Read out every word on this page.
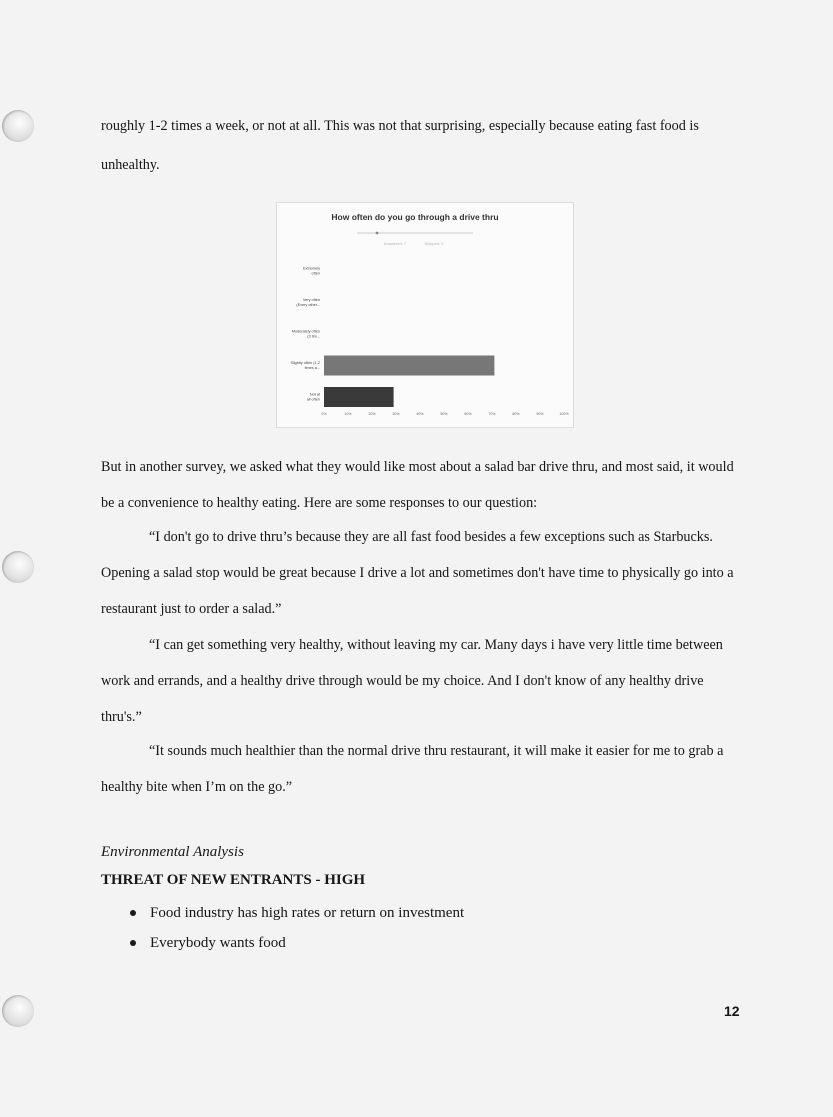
roughly 1-2 times a week, or not at all. This was not that surprising, especially because eating fast food is

unhealthy.

How often do you go through a drive thru
Answered: 7	Skipped: 0
Extremely often
Very often (Every other...
Moderately often (3 tim...
Slightly often (1-2 times a...
Not at all often
0%	10%	20%	30%	40%	50%	60%	70%	80%	90%	100%

But in another survey, we asked what they would like most about a salad bar drive thru, and most said, it would be a convenience to healthy eating. Here are some responses to our question:

“I don't go to drive thru’s because they are all fast food besides a few exceptions such as Starbucks. Opening a salad stop would be great because I drive a lot and sometimes don't have time to physically go into a restaurant just to order a salad.”

“I can get something very healthy, without leaving my car. Many days i have very little time between work and errands, and a healthy drive through would be my choice. And I don't know of any healthy drive thru's.”

“It sounds much healthier than the normal drive thru restaurant, it will make it easier for me to grab a healthy bite when I’m on the go.”

Environmental Analysis

THREAT OF NEW ENTRANTS - HIGH

Food industry has high rates or return on investment
Everybody wants food

12
